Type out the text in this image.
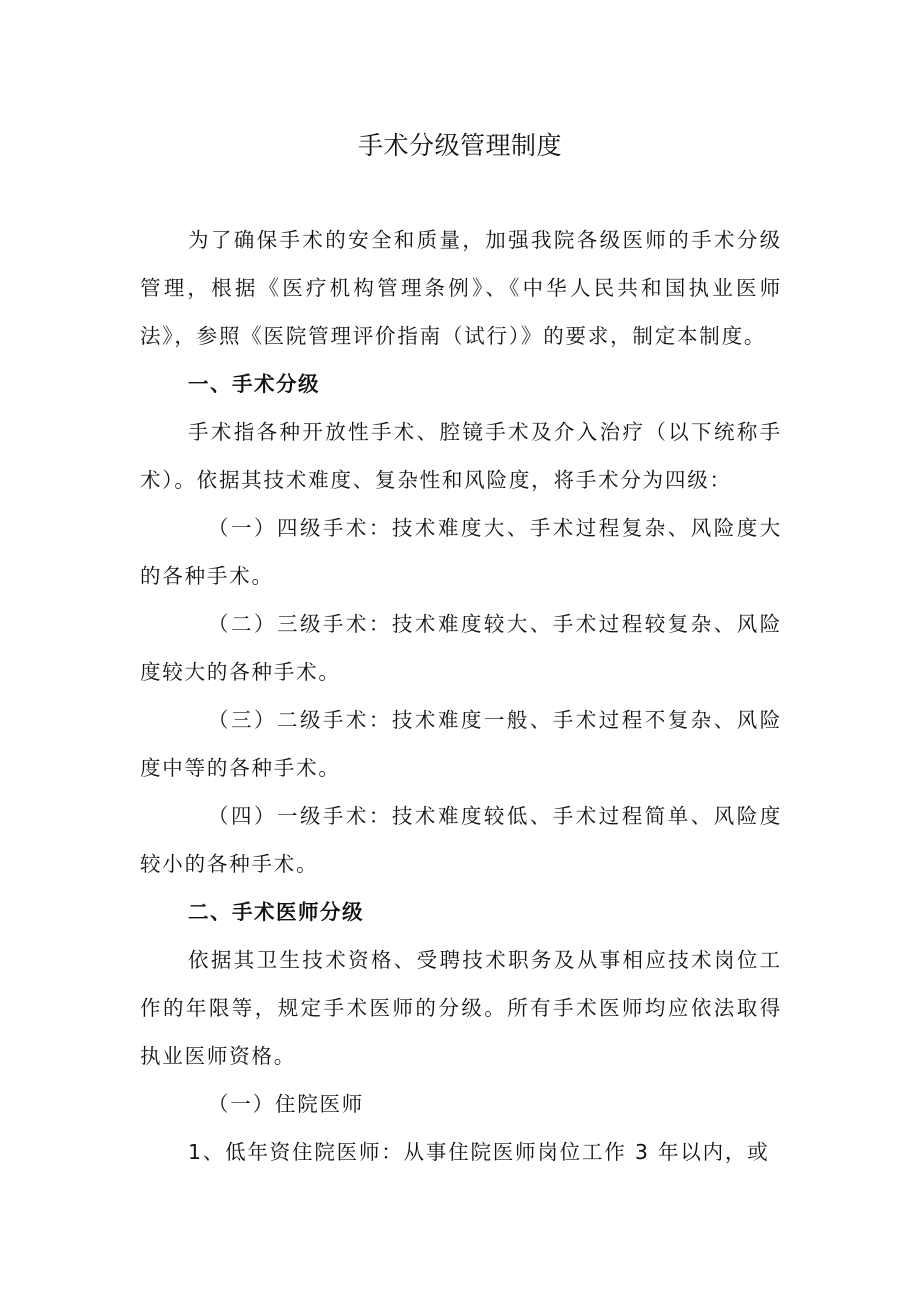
手术分级管理制度
为了确保手术的安全和质量，加强我院各级医师的手术分级管理，根据《医疗机构管理条例》、《中华人民共和国执业医师法》，参照《医院管理评价指南（试行）》的要求，制定本制度。
一、手术分级
手术指各种开放性手术、腔镜手术及介入治疗（以下统称手术）。依据其技术难度、复杂性和风险度，将手术分为四级：
（一）四级手术：技术难度大、手术过程复杂、风险度大的各种手术。
（二）三级手术：技术难度较大、手术过程较复杂、风险度较大的各种手术。
（三）二级手术：技术难度一般、手术过程不复杂、风险度中等的各种手术。
（四）一级手术：技术难度较低、手术过程简单、风险度较小的各种手术。
二、手术医师分级
依据其卫生技术资格、受聘技术职务及从事相应技术岗位工作的年限等，规定手术医师的分级。所有手术医师均应依法取得执业医师资格。
（一）住院医师
1、低年资住院医师：从事住院医师岗位工作 3 年以内，或
